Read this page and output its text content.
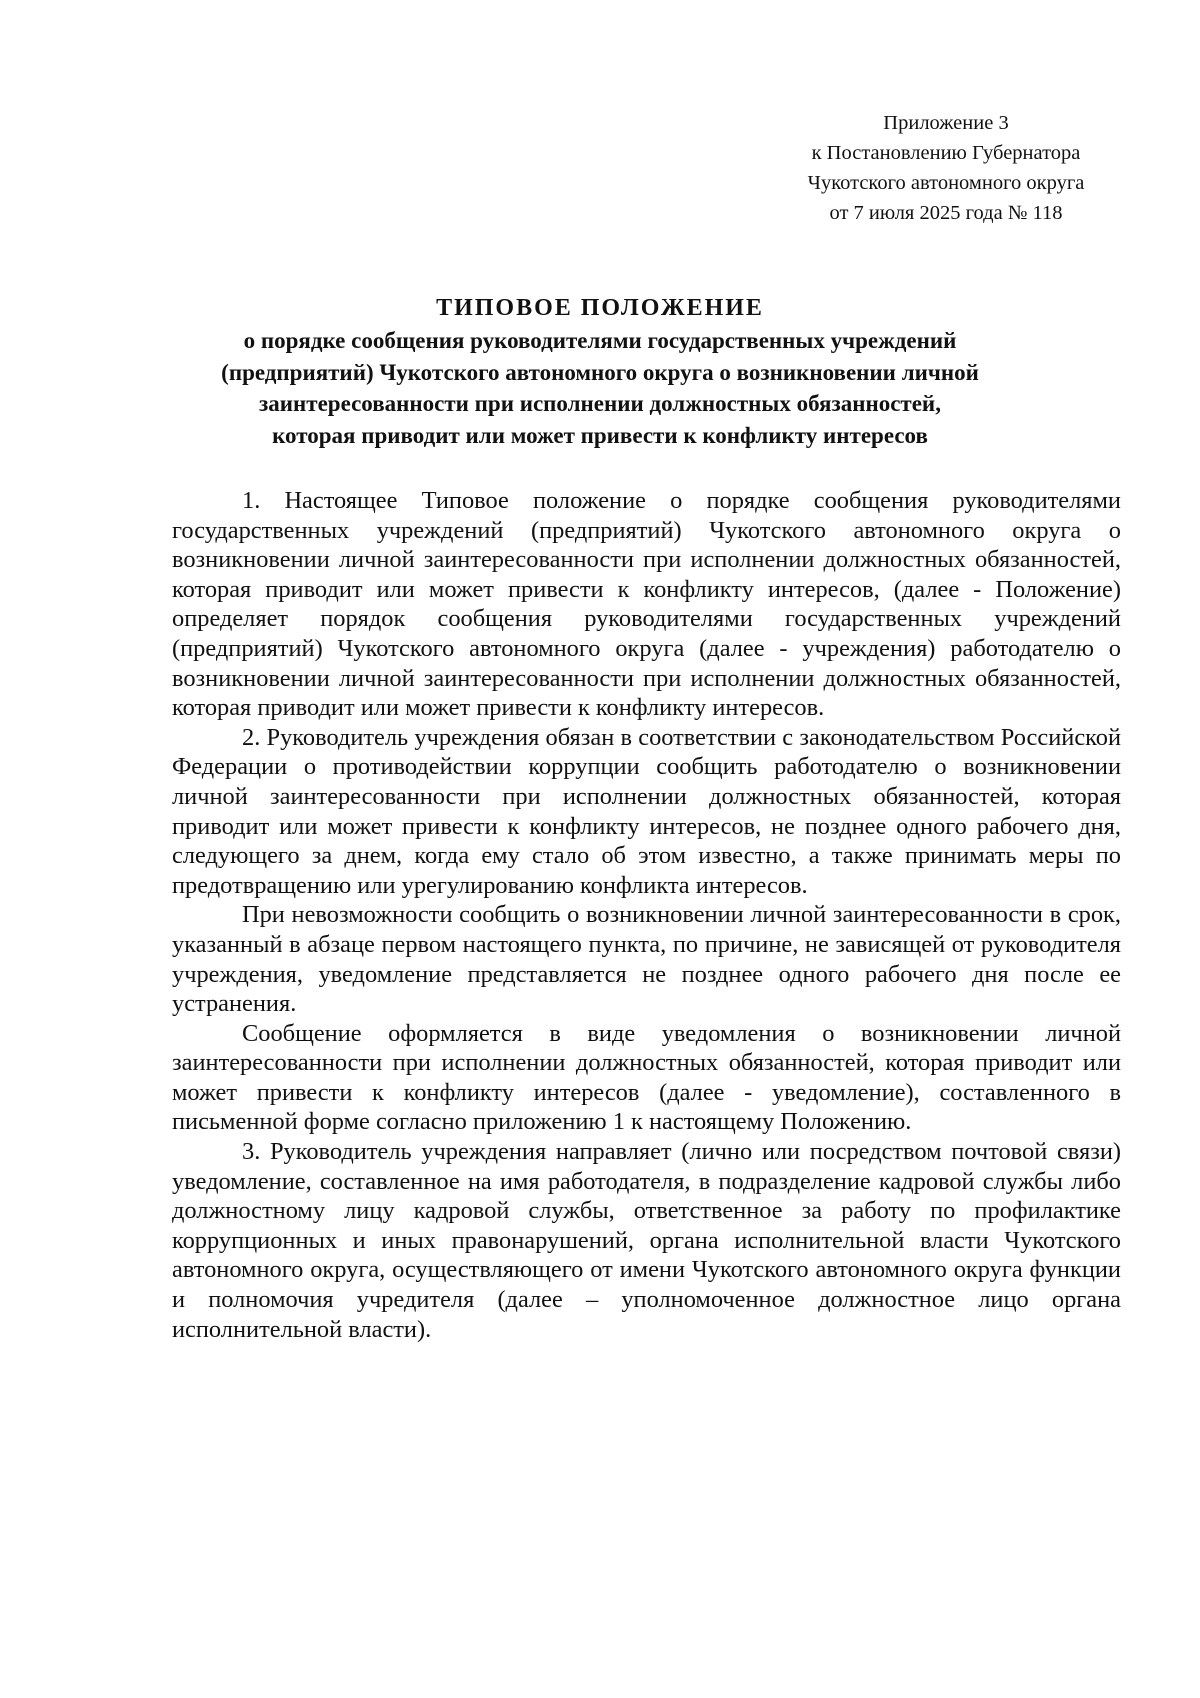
Приложение 3
к Постановлению Губернатора
Чукотского автономного округа
от 7 июля 2025 года № 118
ТИПОВОЕ ПОЛОЖЕНИЕ
о порядке сообщения руководителями государственных учреждений
(предприятий) Чукотского автономного округа о возникновении личной
заинтересованности при исполнении должностных обязанностей,
которая приводит или может привести к конфликту интересов

1. Настоящее Типовое положение о порядке сообщения руководителями государственных учреждений (предприятий) Чукотского автономного округа о возникновении личной заинтересованности при исполнении должностных обязанностей, которая приводит или может привести к конфликту интересов, (далее - Положение) определяет порядок сообщения руководителями государственных учреждений (предприятий) Чукотского автономного округа (далее - учреждения) работодателю о возникновении личной заинтересованности при исполнении должностных обязанностей, которая приводит или может привести к конфликту интересов.

2. Руководитель учреждения обязан в соответствии с законодательством Российской Федерации о противодействии коррупции сообщить работодателю о возникновении личной заинтересованности при исполнении должностных обязанностей, которая приводит или может привести к конфликту интересов, не позднее одного рабочего дня, следующего за днем, когда ему стало об этом известно, а также принимать меры по предотвращению или урегулированию конфликта интересов.

При невозможности сообщить о возникновении личной заинтересованности в срок, указанный в абзаце первом настоящего пункта, по причине, не зависящей от руководителя учреждения, уведомление представляется не позднее одного рабочего дня после ее устранения.

Сообщение оформляется в виде уведомления о возникновении личной заинтересованности при исполнении должностных обязанностей, которая приводит или может привести к конфликту интересов (далее - уведомление), составленного в письменной форме согласно приложению 1 к настоящему Положению.

3. Руководитель учреждения направляет (лично или посредством почтовой связи) уведомление, составленное на имя работодателя, в подразделение кадровой службы либо должностному лицу кадровой службы, ответственное за работу по профилактике коррупционных и иных правонарушений, органа исполнительной власти Чукотского автономного округа, осуществляющего от имени Чукотского автономного округа функции и полномочия учредителя (далее – уполномоченное должностное лицо органа исполнительной власти).
